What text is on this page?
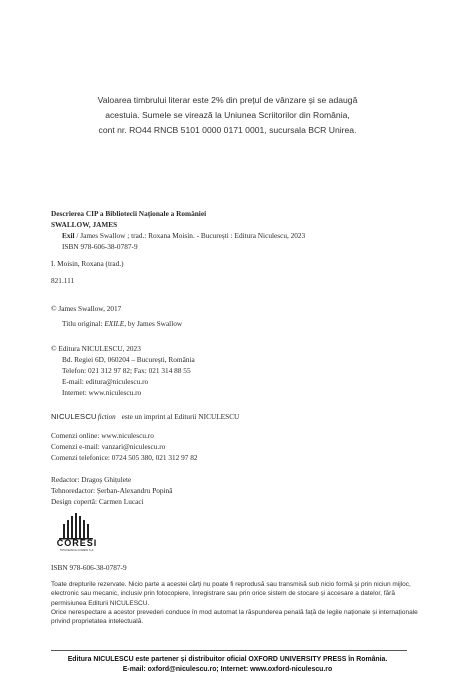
Valoarea timbrului literar este 2% din prețul de vânzare și se adaugă
acestuia. Sumele se virează la Uniunea Scriitorilor din România,
cont nr. RO44 RNCB 5101 0000 0171 0001, sucursala BCR Unirea.
Descrierea CIP a Bibliotecii Naționale a României
SWALLOW, JAMES
Exil / James Swallow ; trad.: Roxana Moisin. - București : Editura Niculescu, 2023
ISBN 978-606-38-0787-9
I. Moisin, Roxana (trad.)
821.111
© James Swallow, 2017
Titlu original: EXILE, by James Swallow
© Editura NICULESCU, 2023
Bd. Regiei 6D, 060204 – București, România
Telefon: 021 312 97 82; Fax: 021 314 88 55
E-mail: editura@niculescu.ro
Internet: www.niculescu.ro
NICULESCUfiction este un imprint al Editurii NICULESCU
Comenzi online: www.niculescu.ro
Comenzi e-mail: vanzari@niculescu.ro
Comenzi telefonice: 0724 505 380, 021 312 97 82
Redactor: Dragoș Ghițulete
Tehnoredactor: Șerban-Alexandru Popină
Design copertă: Carmen Lucaci
CORESI
TIPOGRAFIA CORESI S.A.
ISBN 978-606-38-0787-9
Toate drepturile rezervate. Nicio parte a acestei cărți nu poate fi reprodusă sau transmisă sub nicio formă și prin niciun mijloc, electronic sau mecanic, inclusiv prin fotocopiere, înregistrare sau prin orice sistem de stocare și accesare a datelor, fără permisiunea Editurii NICULESCU.
Orice nerespectare a acestor prevederi conduce în mod automat la răspunderea penală față de legile naționale și internaționale privind proprietatea intelectuală.
Editura NICULESCU este partener și distribuitor oficial OXFORD UNIVERSITY PRESS în România.
E-mail: oxford@niculescu.ro; Internet: www.oxford-niculescu.ro
